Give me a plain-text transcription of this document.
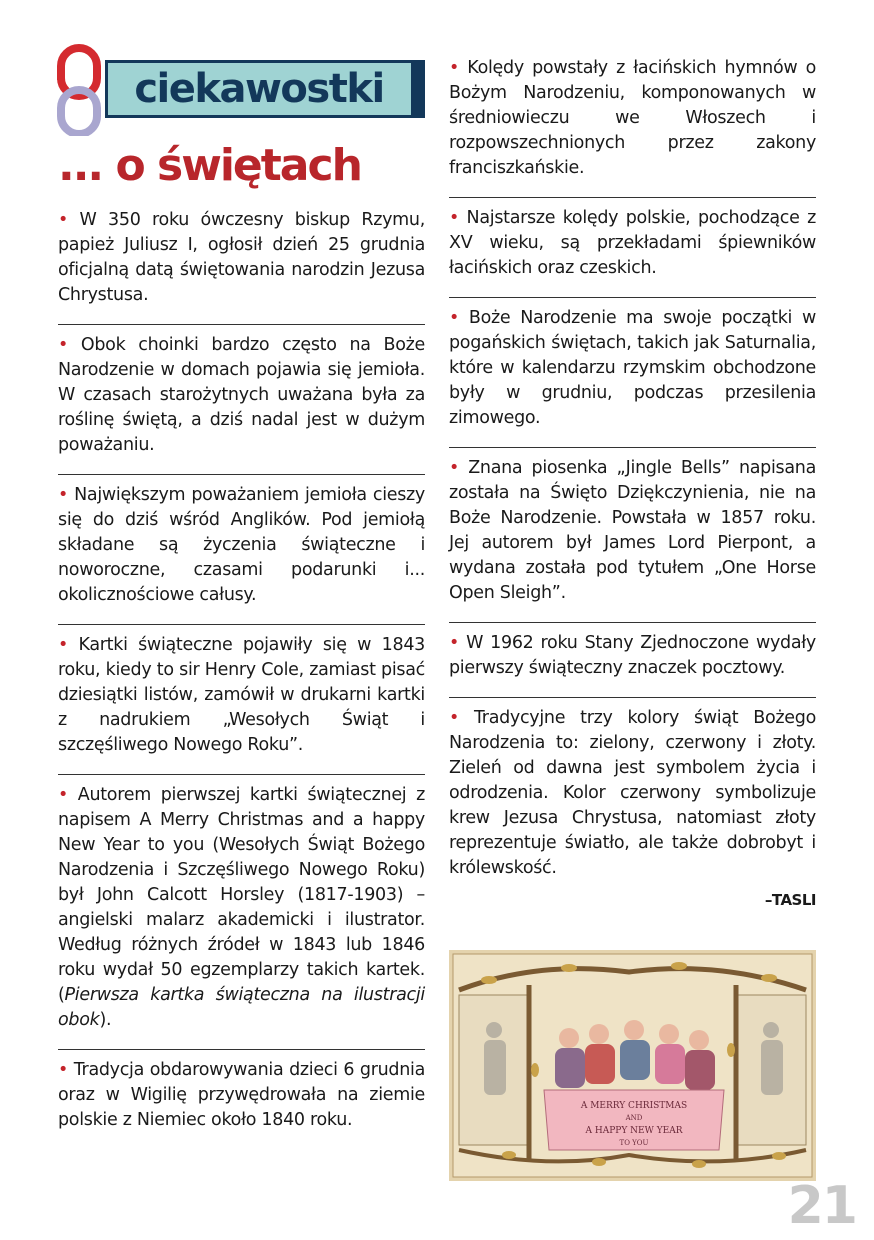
ciekawostki
... o świętach
• W 350 roku ówczesny biskup Rzymu, papież Juliusz I, ogłosił dzień 25 grudnia oficjalną datą świętowania narodzin Jezusa Chrystusa.
• Obok choinki bardzo często na Boże Narodzenie w domach pojawia się jemioła. W czasach starożytnych uważana była za roślinę świętą, a dziś nadal jest w dużym poważaniu.
• Największym poważaniem jemioła cieszy się do dziś wśród Anglików. Pod jemiołą składane są życzenia świąteczne i noworoczne, czasami podarunki i... okolicznościowe całusy.
• Kartki świąteczne pojawiły się w 1843 roku, kiedy to sir Henry Cole, zamiast pisać dziesiątki listów, zamówił w drukarni kartki z nadrukiem „Wesołych Świąt i szczęśliwego Nowego Roku”.
• Autorem pierwszej kartki świątecznej z napisem A Merry Christmas and a happy New Year to you (Wesołych Świąt Bożego Narodzenia i Szczęśliwego Nowego Roku) był John Calcott Horsley (1817-1903) – angielski malarz akademicki i ilustrator. Według różnych źródeł w 1843 lub 1846 roku wydał 50 egzemplarzy takich kartek. (Pierwsza kartka świąteczna na ilustracji obok).
• Tradycja obdarowywania dzieci 6 grudnia oraz w Wigilię przywędrowała na ziemie polskie z Niemiec około 1840 roku.
• Kolędy powstały z łacińskich hymnów o Bożym Narodzeniu, komponowanych w średniowieczu we Włoszech i rozpowszechnionych przez zakony franciszkańskie.
• Najstarsze kolędy polskie, pochodzące z XV wieku, są przekładami śpiewników łacińskich oraz czeskich.
• Boże Narodzenie ma swoje początki w pogańskich świętach, takich jak Saturnalia, które w kalendarzu rzymskim obchodzone były w grudniu, podczas przesilenia zimowego.
• Znana piosenka „Jingle Bells” napisana została na Święto Dziękczynienia, nie na Boże Narodzenie. Powstała w 1857 roku. Jej autorem był James Lord Pierpont, a wydana została pod tytułem „One Horse Open Sleigh”.
• W 1962 roku Stany Zjednoczone wydały pierwszy świąteczny znaczek pocztowy.
• Tradycyjne trzy kolory świąt Bożego Narodzenia to: zielony, czerwony i złoty. Zieleń od dawna jest symbolem życia i odrodzenia. Kolor czerwony symbolizuje krew Jezusa Chrystusa, natomiast złoty reprezentuje światło, ale także dobrobyt i królewskość.
–TASLI
A MERRY CHRISTMAS
AND
A HAPPY NEW YEAR
TO YOU
21
